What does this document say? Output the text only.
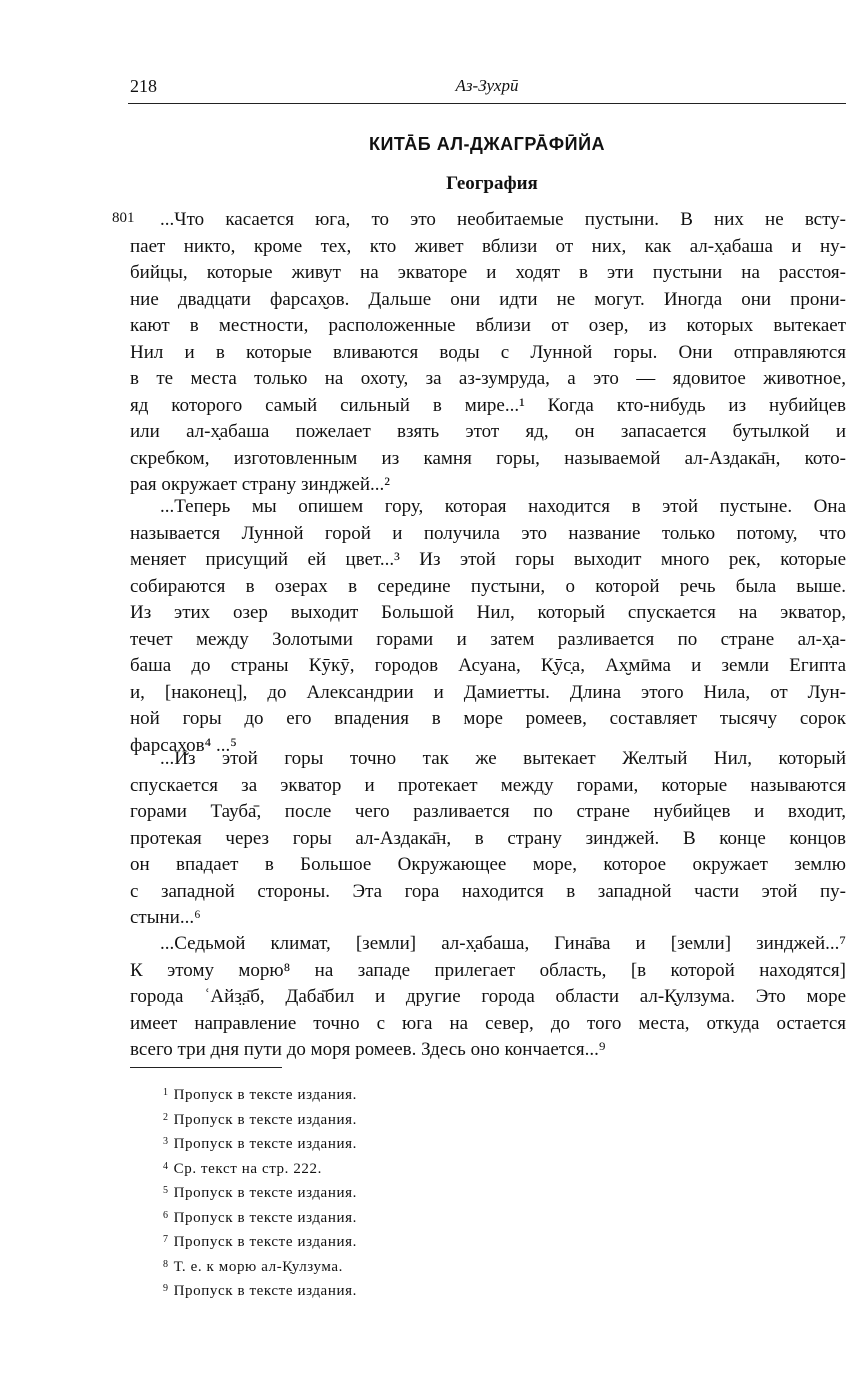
218	Аз-Зухрӣ
КИТА̄Б АЛ-ДЖАГРА̄ФӢЙА
География
801	...Что касается юга, то это необитаемые пустыни. В них не всту-
пает никто, кроме тех, кто живет вблизи от них, как ал-х̣абаша и ну-
бийцы, которые живут на экваторе и ходят в эти пустыни на расстоя-
ние двадцати фарсах̮ов. Дальше они идти не могут. Иногда они прони-
кают в местности, расположенные вблизи от озер, из которых вытекает
Нил и в которые вливаются воды с Лунной горы. Они отправляются
в те места только на охоту, за аз-зумруда, а это — ядовитое животное,
яд которого самый сильный в мире...¹ Когда кто-нибудь из нубийцев
или ал-х̣абаша пожелает взять этот яд, он запасается бутылкой и
скребком, изготовленным из камня горы, называемой ал-Аздака̄н, кото-
рая окружает страну зинджей...²
...Теперь мы опишем гору, которая находится в этой пустыне. Она
называется Лунной горой и получила это название только потому, что
меняет присущий ей цвет...³ Из этой горы выходит много рек, которые
собираются в озерах в середине пустыни, о которой речь была выше.
Из этих озер выходит Большой Нил, который спускается на экватор,
течет между Золотыми горами и затем разливается по стране ал-х̣а-
баша до страны Кӯкӯ, городов Асуана, К̣ӯс̣а, Ах̮мӣма и земли Египта
и, [наконец], до Александрии и Дамиетты. Длина этого Нила, от Лун-
ной горы до его впадения в море ромеев, составляет тысячу сорок
фарсах̮ов⁴ ...⁵
...Из этой горы точно так же вытекает Желтый Нил, который
спускается за экватор и протекает между горами, которые называются
горами Тауба̄, после чего разливается по стране нубийцев и входит,
протекая через горы ал-Аздака̄н, в страну зинджей. В конце концов
он впадает в Большое Окружающее море, которое окружает землю
с западной стороны. Эта гора находится в западной части этой пу-
стыни...⁶
...Седьмой климат, [земли] ал-х̣абаша, Гина̄ва и [земли] зинджей...⁷
К этому морю⁸ на западе прилегает область, [в которой находятся]
города ʿАйз̤а̄б, Даба̄бил и другие города области ал-К̣улзума. Это море
имеет направление точно с юга на север, до того места, откуда остается
всего три дня пути до моря ромеев. Здесь оно кончается...⁹
$^1$ Пропуск в тексте издания.
$^2$ Пропуск в тексте издания.
$^3$ Пропуск в тексте издания.
$^4$ Ср. текст на стр. 222.
$^5$ Пропуск в тексте издания.
$^6$ Пропуск в тексте издания.
$^7$ Пропуск в тексте издания.
$^8$ Т. е. к морю ал-К̣улзума.
$^9$ Пропуск в тексте издания.
